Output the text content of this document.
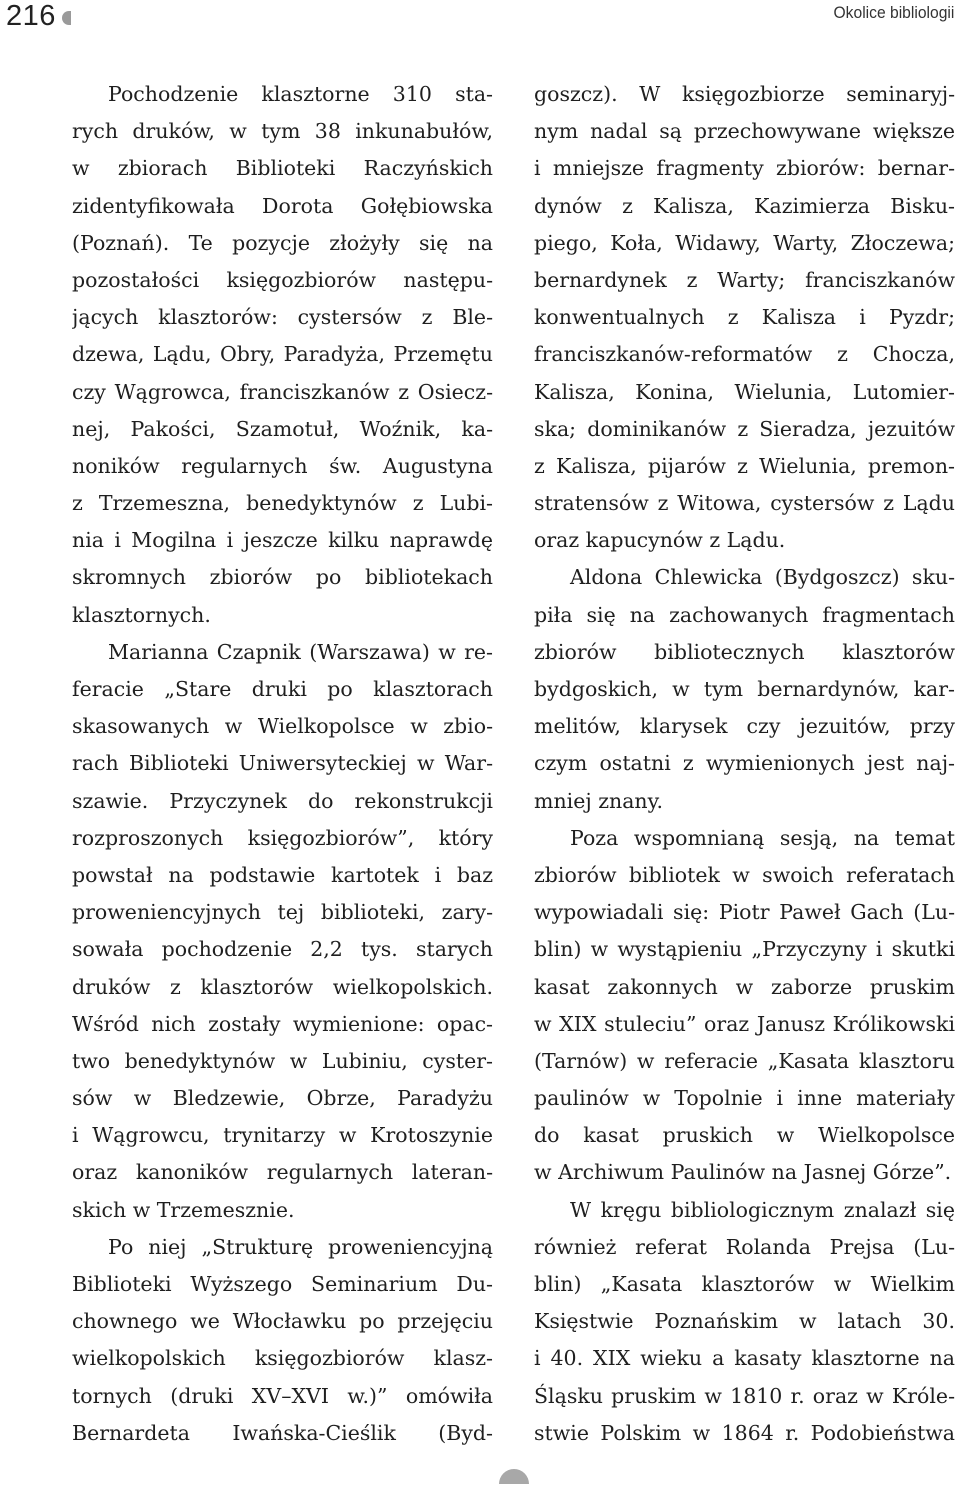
216	Okolice bibliologii
Pochodzenie klasztorne 310 sta-
rych druków, w tym 38 inkunabułów,
w zbiorach Biblioteki Raczyńskich
zidentyfikowała Dorota Gołębiowska
(Poznań). Te pozycje złożyły się na
pozostałości księgozbiorów następu-
jących klasztorów: cystersów z Ble-
dzewa, Lądu, Obry, Paradyża, Przemętu
czy Wągrowca, franciszkanów z Osiecz-
nej, Pakości, Szamotuł, Woźnik, ka-
noników regularnych św. Augustyna
z Trzemeszna, benedyktynów z Lubi-
nia i Mogilna i jeszcze kilku naprawdę
skromnych zbiorów po bibliotekach
klasztornych.
Marianna Czapnik (Warszawa) w re-
feracie „Stare druki po klasztorach
skasowanych w Wielkopolsce w zbio-
rach Biblioteki Uniwersyteckiej w War-
szawie. Przyczynek do rekonstrukcji
rozproszonych księgozbiorów”, który
powstał na podstawie kartotek i baz
proweniencyjnych tej biblioteki, zary-
sowała pochodzenie 2,2 tys. starych
druków z klasztorów wielkopolskich.
Wśród nich zostały wymienione: opac-
two benedyktynów w Lubiniu, cyster-
sów w Bledzewie, Obrze, Paradyżu
i Wągrowcu, trynitarzy w Krotoszynie
oraz kanoników regularnych lateran-
skich w Trzemesznie.
Po niej „Strukturę proweniencyjną
Biblioteki Wyższego Seminarium Du-
chownego we Włocławku po przejęciu
wielkopolskich księgozbiorów klasz-
tornych (druki XV–XVI w.)” omówiła
Bernardeta Iwańska-Cieślik (Byd-
goszcz). W księgozbiorze seminaryj-
nym nadal są przechowywane większe
i mniejsze fragmenty zbiorów: bernar-
dynów z Kalisza, Kazimierza Bisku-
piego, Koła, Widawy, Warty, Złoczewa;
bernardynek z Warty; franciszkanów
konwentualnych z Kalisza i Pyzdr;
franciszkanów-reformatów z Chocza,
Kalisza, Konina, Wielunia, Lutomier-
ska; dominikanów z Sieradza, jezuitów
z Kalisza, pijarów z Wielunia, premon-
stratensów z Witowa, cystersów z Lądu
oraz kapucynów z Lądu.
Aldona Chlewicka (Bydgoszcz) sku-
piła się na zachowanych fragmentach
zbiorów bibliotecznych klasztorów
bydgoskich, w tym bernardynów, kar-
melitów, klarysek czy jezuitów, przy
czym ostatni z wymienionych jest naj-
mniej znany.
Poza wspomnianą sesją, na temat
zbiorów bibliotek w swoich referatach
wypowiadali się: Piotr Paweł Gach (Lu-
blin) w wystąpieniu „Przyczyny i skutki
kasat zakonnych w zaborze pruskim
w XIX stuleciu” oraz Janusz Królikowski
(Tarnów) w referacie „Kasata klasztoru
paulinów w Topolnie i inne materiały
do kasat pruskich w Wielkopolsce
w Archiwum Paulinów na Jasnej Górze”.
W kręgu bibliologicznym znalazł się
również referat Rolanda Prejsa (Lu-
blin) „Kasata klasztorów w Wielkim
Księstwie Poznańskim w latach 30.
i 40. XIX wieku a kasaty klasztorne na
Śląsku pruskim w 1810 r. oraz w Króle-
stwie Polskim w 1864 r. Podobieństwa
